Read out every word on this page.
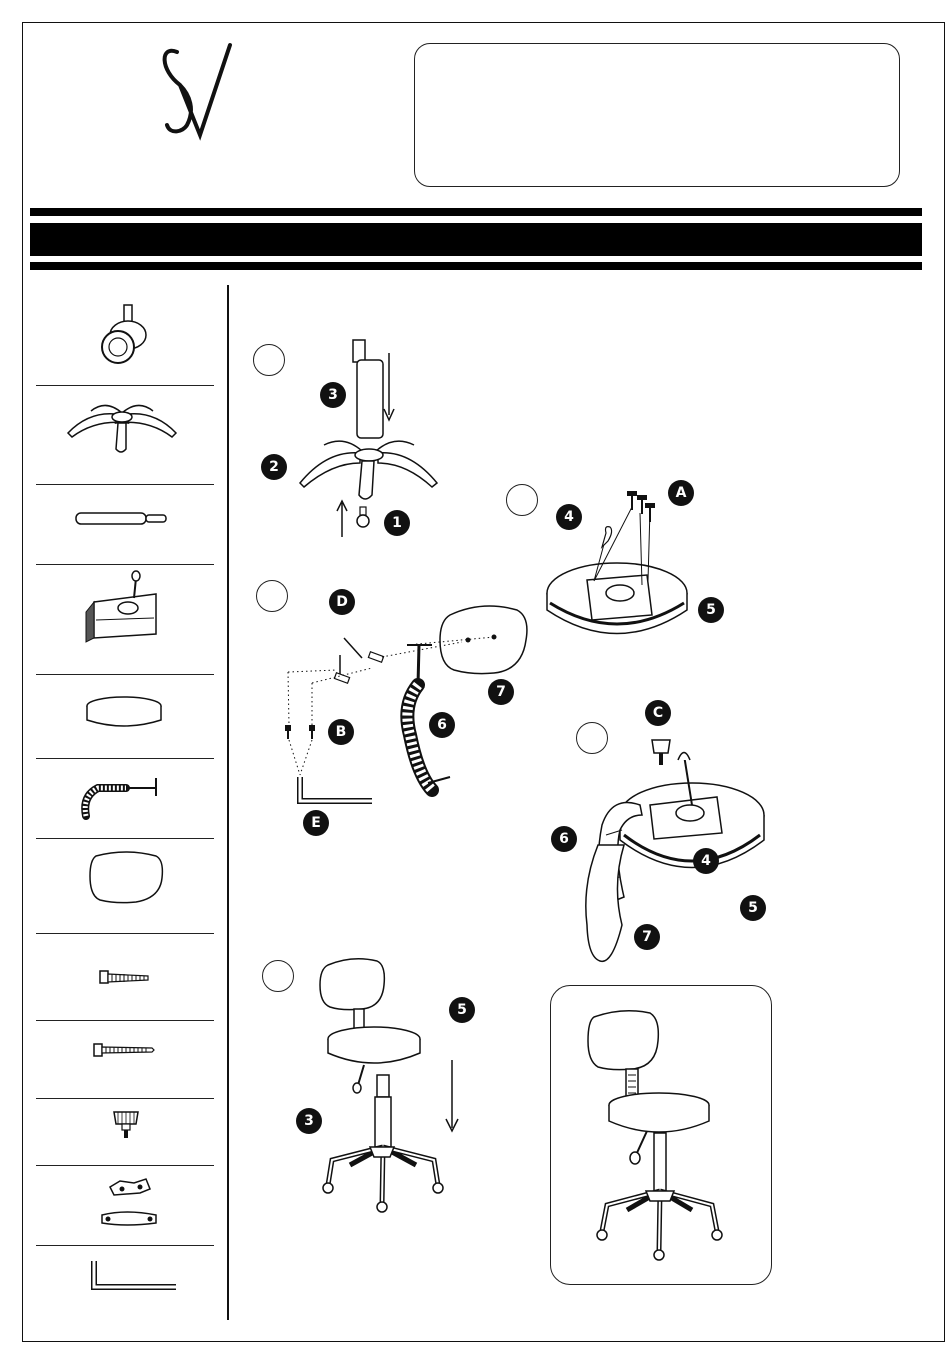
3
2
1
A
4
5
D
7
6
B
E
C
6
4
5
7
5
3
